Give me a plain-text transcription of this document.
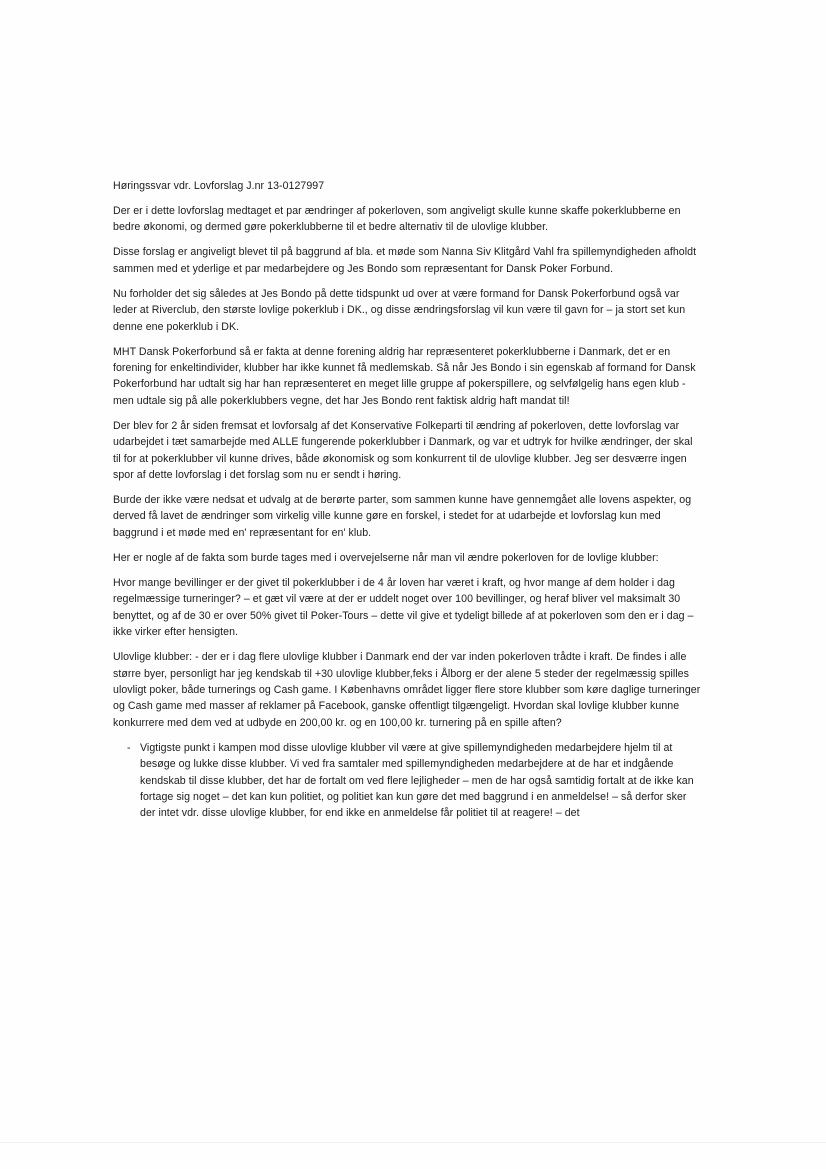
Høringssvar vdr. Lovforslag J.nr 13-0127997

Der er i dette lovforslag medtaget et par ændringer af pokerloven, som angiveligt skulle kunne skaffe pokerklubberne en bedre økonomi, og dermed gøre pokerklubberne til et bedre alternativ til de ulovlige klubber.

Disse forslag er angiveligt blevet til på baggrund af bla. et møde som Nanna Siv Klitgård Vahl fra spillemyndigheden afholdt sammen med et yderlige et par medarbejdere og Jes Bondo som repræsentant for Dansk Poker Forbund.

Nu forholder det sig således at Jes Bondo på dette tidspunkt ud over at være formand for Dansk Pokerforbund også var leder at Riverclub, den største lovlige pokerklub i DK., og disse ændringsforslag vil kun være til gavn for – ja stort set kun denne ene pokerklub i DK.

MHT Dansk Pokerforbund så er fakta at denne forening aldrig har repræsenteret pokerklubberne i Danmark, det er en forening for enkeltindivider, klubber har ikke kunnet få medlemskab. Så når Jes Bondo i sin egenskab af formand for Dansk Pokerforbund har udtalt sig har han repræsenteret en meget lille gruppe af pokerspillere, og selvfølgelig hans egen klub - men udtale sig på alle pokerklubbers vegne, det har Jes Bondo rent faktisk aldrig haft mandat til!

Der blev for 2 år siden fremsat et lovforsalg af det Konservative Folkeparti til ændring af pokerloven, dette lovforslag var udarbejdet i tæt samarbejde med ALLE fungerende pokerklubber i Danmark, og var et udtryk for hvilke ændringer, der skal til for at pokerklubber vil kunne drives, både økonomisk og som konkurrent til de ulovlige klubber. Jeg ser desværre ingen spor af dette lovforslag i det forslag som nu er sendt i høring.

Burde der ikke være nedsat et udvalg at de berørte parter, som sammen kunne have gennemgået alle lovens aspekter, og derved få lavet de ændringer som virkelig ville kunne gøre en forskel, i stedet for at udarbejde et lovforslag kun med baggrund i et møde med en' repræsentant for en' klub.

Her er nogle af de fakta som burde tages med i overvejelserne når man vil ændre pokerloven for de lovlige klubber:

Hvor mange bevillinger er der givet til pokerklubber i de 4 år loven har været i kraft, og hvor mange af dem holder i dag regelmæssige turneringer? – et gæt vil være at der er uddelt noget over 100 bevillinger, og heraf bliver vel maksimalt 30 benyttet, og af de 30 er over 50% givet til Poker-Tours – dette vil give et tydeligt billede af at pokerloven som den er i dag – ikke virker efter hensigten.

Ulovlige klubber: - der er i dag flere ulovlige klubber i Danmark end der var inden pokerloven trådte i kraft. De findes i alle større byer, personligt har jeg kendskab til +30 ulovlige klubber,feks i Ålborg er der alene 5 steder der regelmæssig spilles ulovligt poker, både turnerings og Cash game. I Københavns området ligger flere store klubber som køre daglige turneringer og Cash game med masser af reklamer på Facebook, ganske offentligt tilgængeligt. Hvordan skal lovlige klubber kunne konkurrere med dem ved at udbyde en 200,00 kr. og en 100,00 kr. turnering på en spille aften?

- Vigtigste punkt i kampen mod disse ulovlige klubber vil være at give spillemyndigheden medarbejdere hjelm til at besøge og lukke disse klubber. Vi ved fra samtaler med spillemyndigheden medarbejdere at de har et indgående kendskab til disse klubber, det har de fortalt om ved flere lejligheder – men de har også samtidig fortalt at de ikke kan fortage sig noget – det kan kun politiet, og politiet kan kun gøre det med baggrund i en anmeldelse! – så derfor sker der intet vdr. disse ulovlige klubber, for end ikke en anmeldelse får politiet til at reagere! – det
